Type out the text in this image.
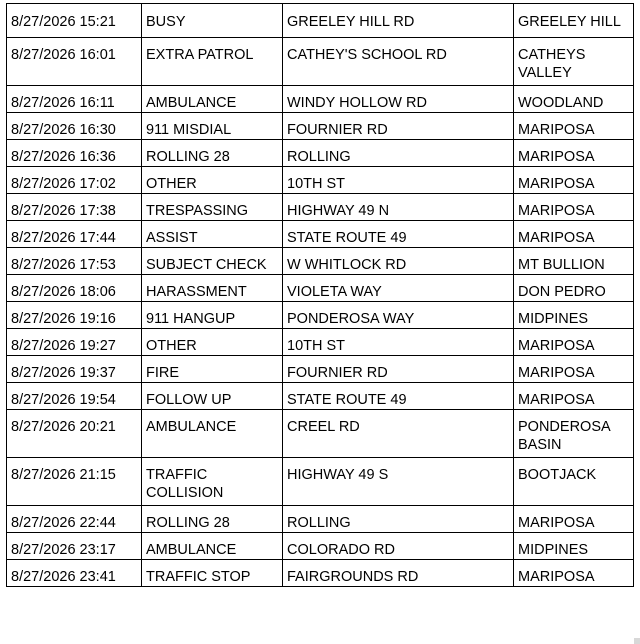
8/27/2026 15:21	BUSY	GREELEY HILL RD	GREELEY HILL
8/27/2026 16:01	EXTRA PATROL	CATHEY'S SCHOOL RD	CATHEYS VALLEY
8/27/2026 16:11	AMBULANCE	WINDY HOLLOW RD	WOODLAND
8/27/2026 16:30	911 MISDIAL	FOURNIER RD	MARIPOSA
8/27/2026 16:36	ROLLING 28	ROLLING	MARIPOSA
8/27/2026 17:02	OTHER	10TH ST	MARIPOSA
8/27/2026 17:38	TRESPASSING	HIGHWAY 49 N	MARIPOSA
8/27/2026 17:44	ASSIST	STATE ROUTE 49	MARIPOSA
8/27/2026 17:53	SUBJECT CHECK	W WHITLOCK RD	MT BULLION
8/27/2026 18:06	HARASSMENT	VIOLETA WAY	DON PEDRO
8/27/2026 19:16	911 HANGUP	PONDEROSA WAY	MIDPINES
8/27/2026 19:27	OTHER	10TH ST	MARIPOSA
8/27/2026 19:37	FIRE	FOURNIER RD	MARIPOSA
8/27/2026 19:54	FOLLOW UP	STATE ROUTE 49	MARIPOSA
8/27/2026 20:21	AMBULANCE	CREEL RD	PONDEROSA BASIN
8/27/2026 21:15	TRAFFIC COLLISION	HIGHWAY 49 S	BOOTJACK
8/27/2026 22:44	ROLLING 28	ROLLING	MARIPOSA
8/27/2026 23:17	AMBULANCE	COLORADO RD	MIDPINES
8/27/2026 23:41	TRAFFIC STOP	FAIRGROUNDS RD	MARIPOSA
